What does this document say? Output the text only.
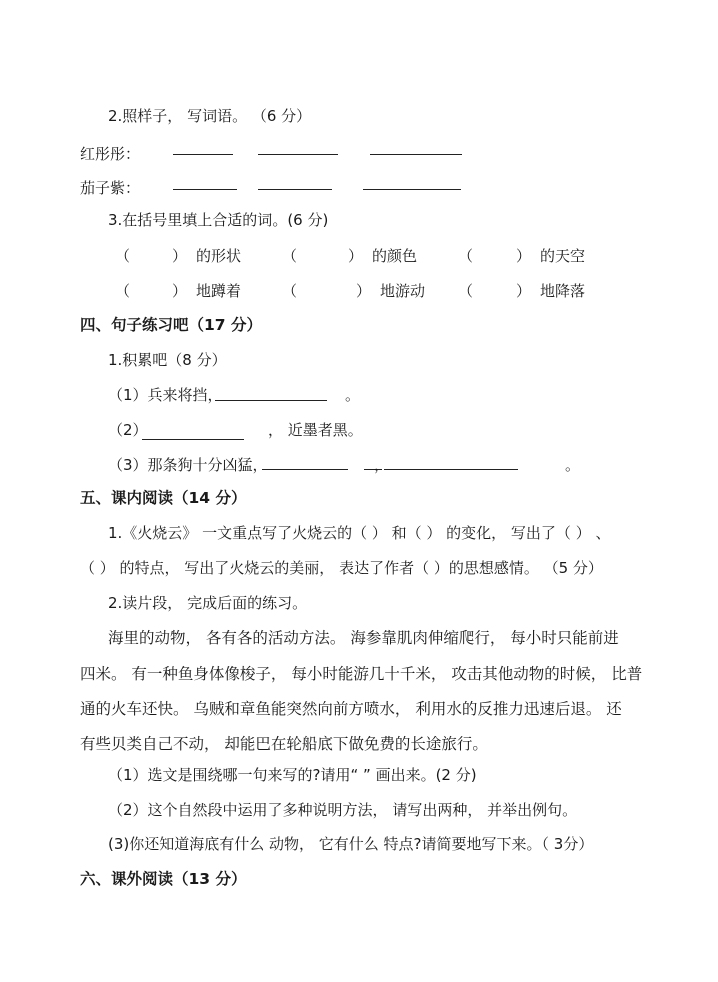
2.照样子， 写词语。 （6 分）
红彤彤：
茄子紫：
3.在括号里填上合适的词。(6 分)
（	） 的形状	（	） 的颜色	（	） 的天空
（	） 地蹲着	（	） 地游动 （	） 地降落
四、句子练习吧（17 分）
1.积累吧（8 分）
（1）兵来将挡，	。
（2）	， 近墨者黑。
（3）那条狗十分凶猛，	，	。
五、课内阅读（14 分）
1.《火烧云》 一文重点写了火烧云的（ ） 和（ ） 的变化， 写出了（ ） 、
（ ） 的特点， 写出了火烧云的美丽， 表达了作者（ ）的思想感情。 （5 分）
2.读片段， 完成后面的练习。
海里的动物， 各有各的活动方法。 海参靠肌肉伸缩爬行， 每小时只能前进
四米。 有一种鱼身体像梭子， 每小时能游几十千米， 攻击其他动物的时候， 比普
通的火车还快。 乌贼和章鱼能突然向前方喷水， 利用水的反推力迅速后退。 还
有些贝类自己不动， 却能巴在轮船底下做免费的长途旅行。
（1）选文是围绕哪一句来写的?请用“ ” 画出来。(2 分)
（2）这个自然段中运用了多种说明方法， 请写出两种， 并举出例句。
(3)你还知道海底有什么 动物， 它有什么 特点?请简要地写下来。（ 3分）
六、课外阅读（13 分）
